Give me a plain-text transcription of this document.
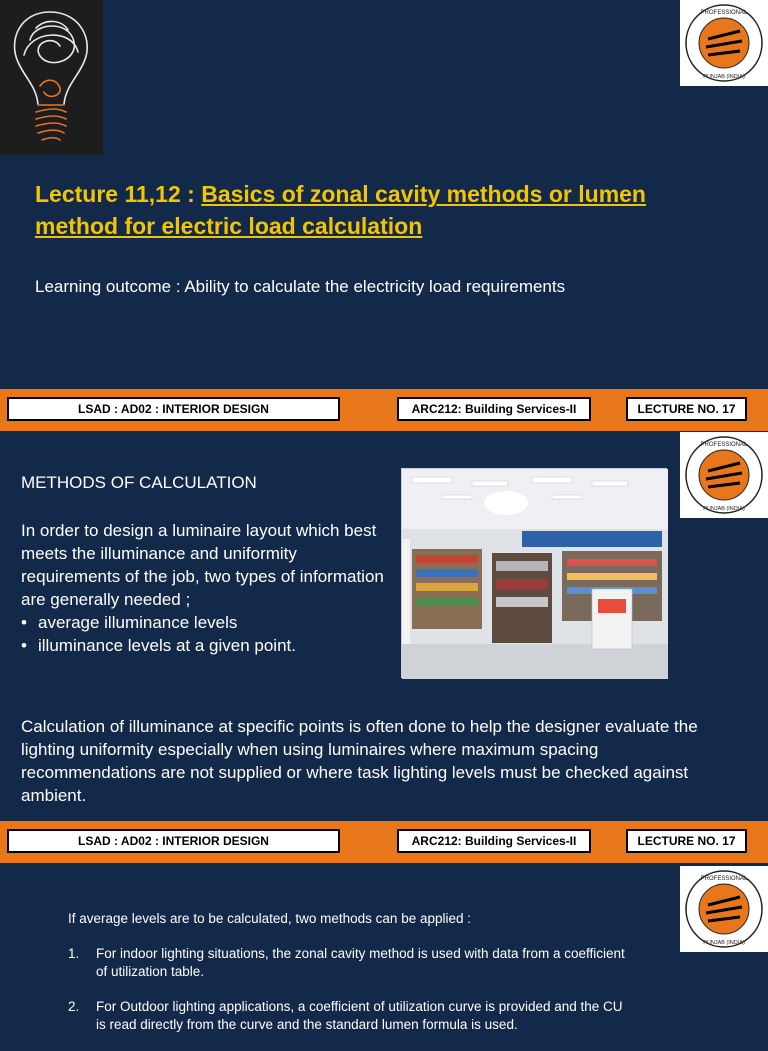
PROFESSIONAL
PUNJAB (INDIA)
Lecture 11,12 : Basics of zonal cavity methods or lumen method for electric load calculation
Learning outcome : Ability to calculate the electricity load requirements
LSAD : AD02 : INTERIOR DESIGN	ARC212: Building Services-II	LECTURE NO. 17
PROFESSIONAL
PUNJAB (INDIA)
METHODS OF CALCULATION
In order to design a luminaire layout which best meets the illuminance and uniformity requirements of the job, two types of information are generally needed ;
• average illuminance levels
• illuminance levels at a given point.
Calculation of illuminance at specific points is often done to help the designer evaluate the lighting uniformity especially when using luminaires where maximum spacing recommendations are not supplied or where task lighting levels must be checked against ambient.
LSAD : AD02 : INTERIOR DESIGN	ARC212: Building Services-II	LECTURE NO. 17
PROFESSIONAL
PUNJAB (INDIA)
If average levels are to be calculated, two methods can be applied :
1. For indoor lighting situations, the zonal cavity method is used with data from a coefficient of utilization table.
2. For Outdoor lighting applications, a coefficient of utilization curve is provided and the CU is read directly from the curve and the standard lumen formula is used.
